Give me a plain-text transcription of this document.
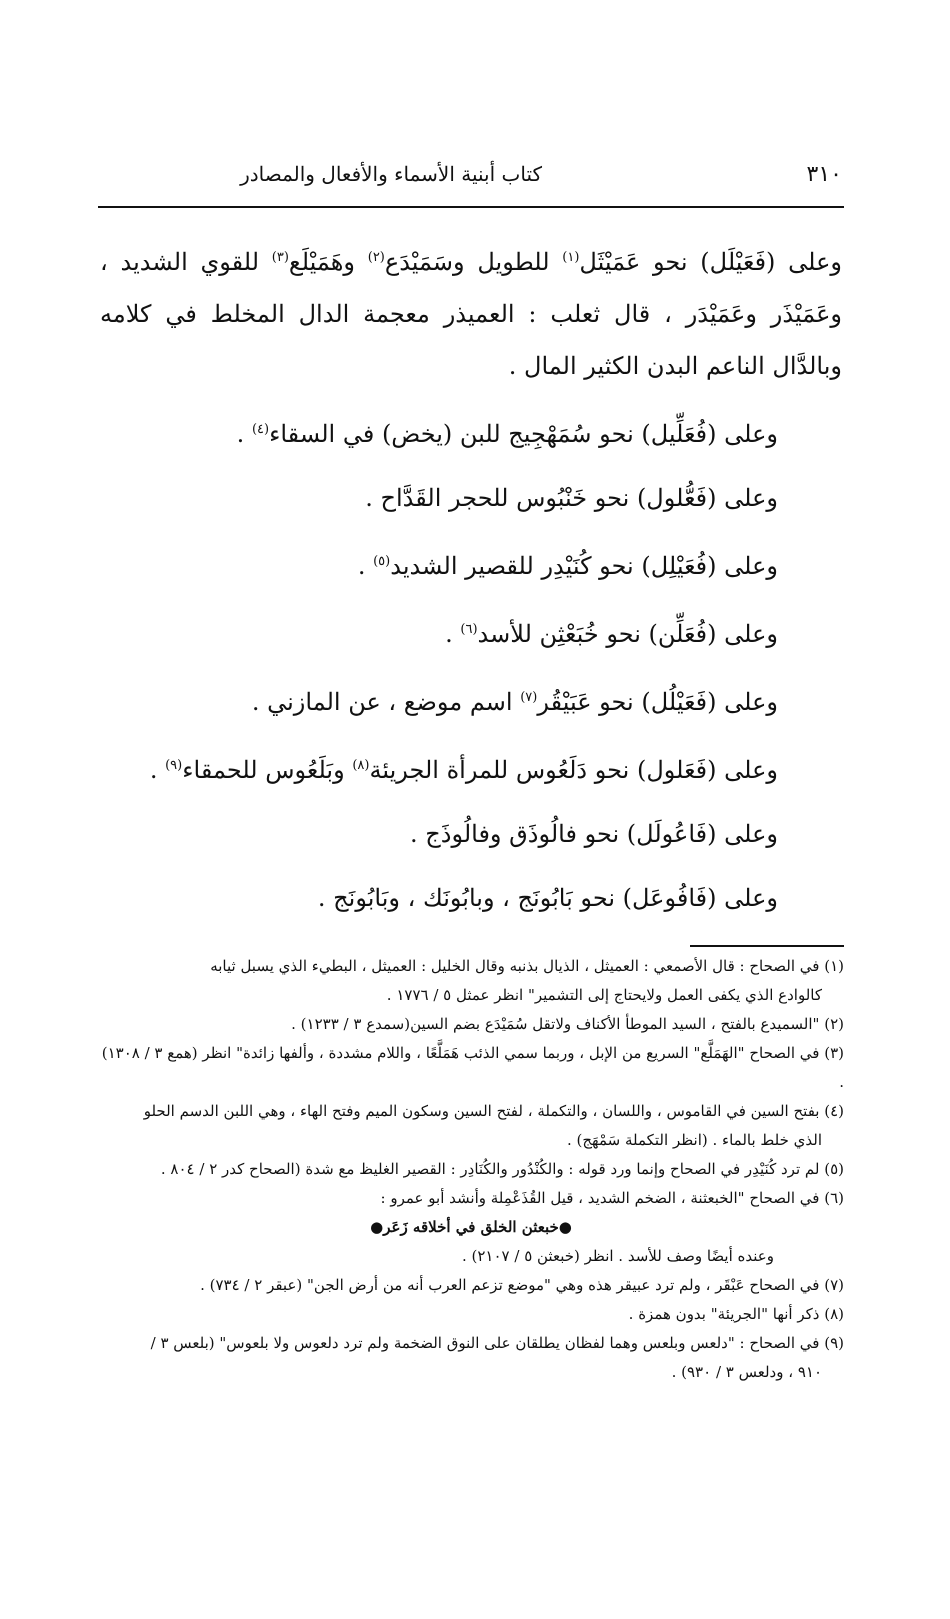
٣١٠
كتاب أبنية الأسماء والأفعال والمصادر

وعلى (فَعَيْلَل) نحو عَمَيْثَل$^{(١)}$ للطويل وسَمَيْدَع$^{(٢)}$ وهَمَيْلَع$^{(٣)}$ للقوي الشديد ، وعَمَيْذَر وعَمَيْدَر ، قال ثعلب : العميذر معجمة الدال المخلط في كلامه وبالدَّال الناعم البدن الكثير المال .

وعلى (فُعَلِّيل) نحو سُمَهْجِيج للبن (يخض) في السقاء$^{(٤)}$ .

وعلى (فَعُّلول) نحو خَنْبُوس للحجر القَدَّاح .

وعلى (فُعَيْلِل) نحو كُنَيْدِر للقصير الشديد$^{(٥)}$ .

وعلى (فُعَلِّن) نحو خُبَعْثِن للأسد$^{(٦)}$ .

وعلى (فَعَيْلُل) نحو عَبَيْقُر$^{(٧)}$ اسم موضع ، عن المازني .

وعلى (فَعَلول) نحو دَلَعُوس للمرأة الجريئة$^{(٨)}$ وبَلَعُوس للحمقاء$^{(٩)}$ .

وعلى (فَاعُولَل) نحو فالُوذَق وفالُوذَج .

وعلى (فَافُوعَل) نحو بَابُونَج ، وبابُونَك ، وبَابُونَج .

(١) في الصحاح : قال الأصمعي : العميثل ، الذيال بذنبه وقال الخليل : العميثل ، البطيء الذي يسبل ثيابه

كالوادع الذي يكفى العمل ولايحتاج إلى التشمير" انظر عمثل ٥ / ١٧٧٦ .

(٢) "السميدع بالفتح ، السيد الموطأ الأكناف ولاتقل سُمَيْدَع بضم السين(سمدع ٣ / ١٢٣٣) .

(٣) في الصحاح "الهَمَلَّع" السريع من الإبل ، وربما سمي الذئب هَمَلَّعًا ، واللام مشددة ، وألفها زائدة" انظر (همع ٣ / ١٣٠٨) .

(٤) بفتح السين في القاموس ، واللسان ، والتكملة ، لفتح السين وسكون الميم وفتح الهاء ، وهي اللبن الدسم الحلو

الذي خلط بالماء . (انظر التكملة سَمْهَج) .

(٥) لم ترد كُنَيْدِر في الصحاح وإنما ورد قوله : والكُنْدُور والكُنَادِر : القصير الغليظ مع شدة (الصحاح كدر ٢ / ٨٠٤ .

(٦) في الصحاح "الخبعثنة ، الضخم الشديد ، قيل القُذَعْمِلة وأنشد أبو عمرو :

●خبعثن الخلق في أخلاقه زَعَر●

وعنده أيضًا وصف للأسد . انظر (خبعثن ٥ / ٢١٠٧) .

(٧) في الصحاح عَبْقَر ، ولم ترد عبيقر هذه وهي "موضع تزعم العرب أنه من أرض الجن" (عبقر ٢ / ٧٣٤) .

(٨) ذكر أنها "الجريئة" بدون همزة .

(٩) في الصحاح : "دلعس وبلعس وهما لفظان يطلقان على النوق الضخمة ولم ترد دلعوس ولا بلعوس" (بلعس ٣ /

٩١٠ ، ودلعس ٣ / ٩٣٠) .
